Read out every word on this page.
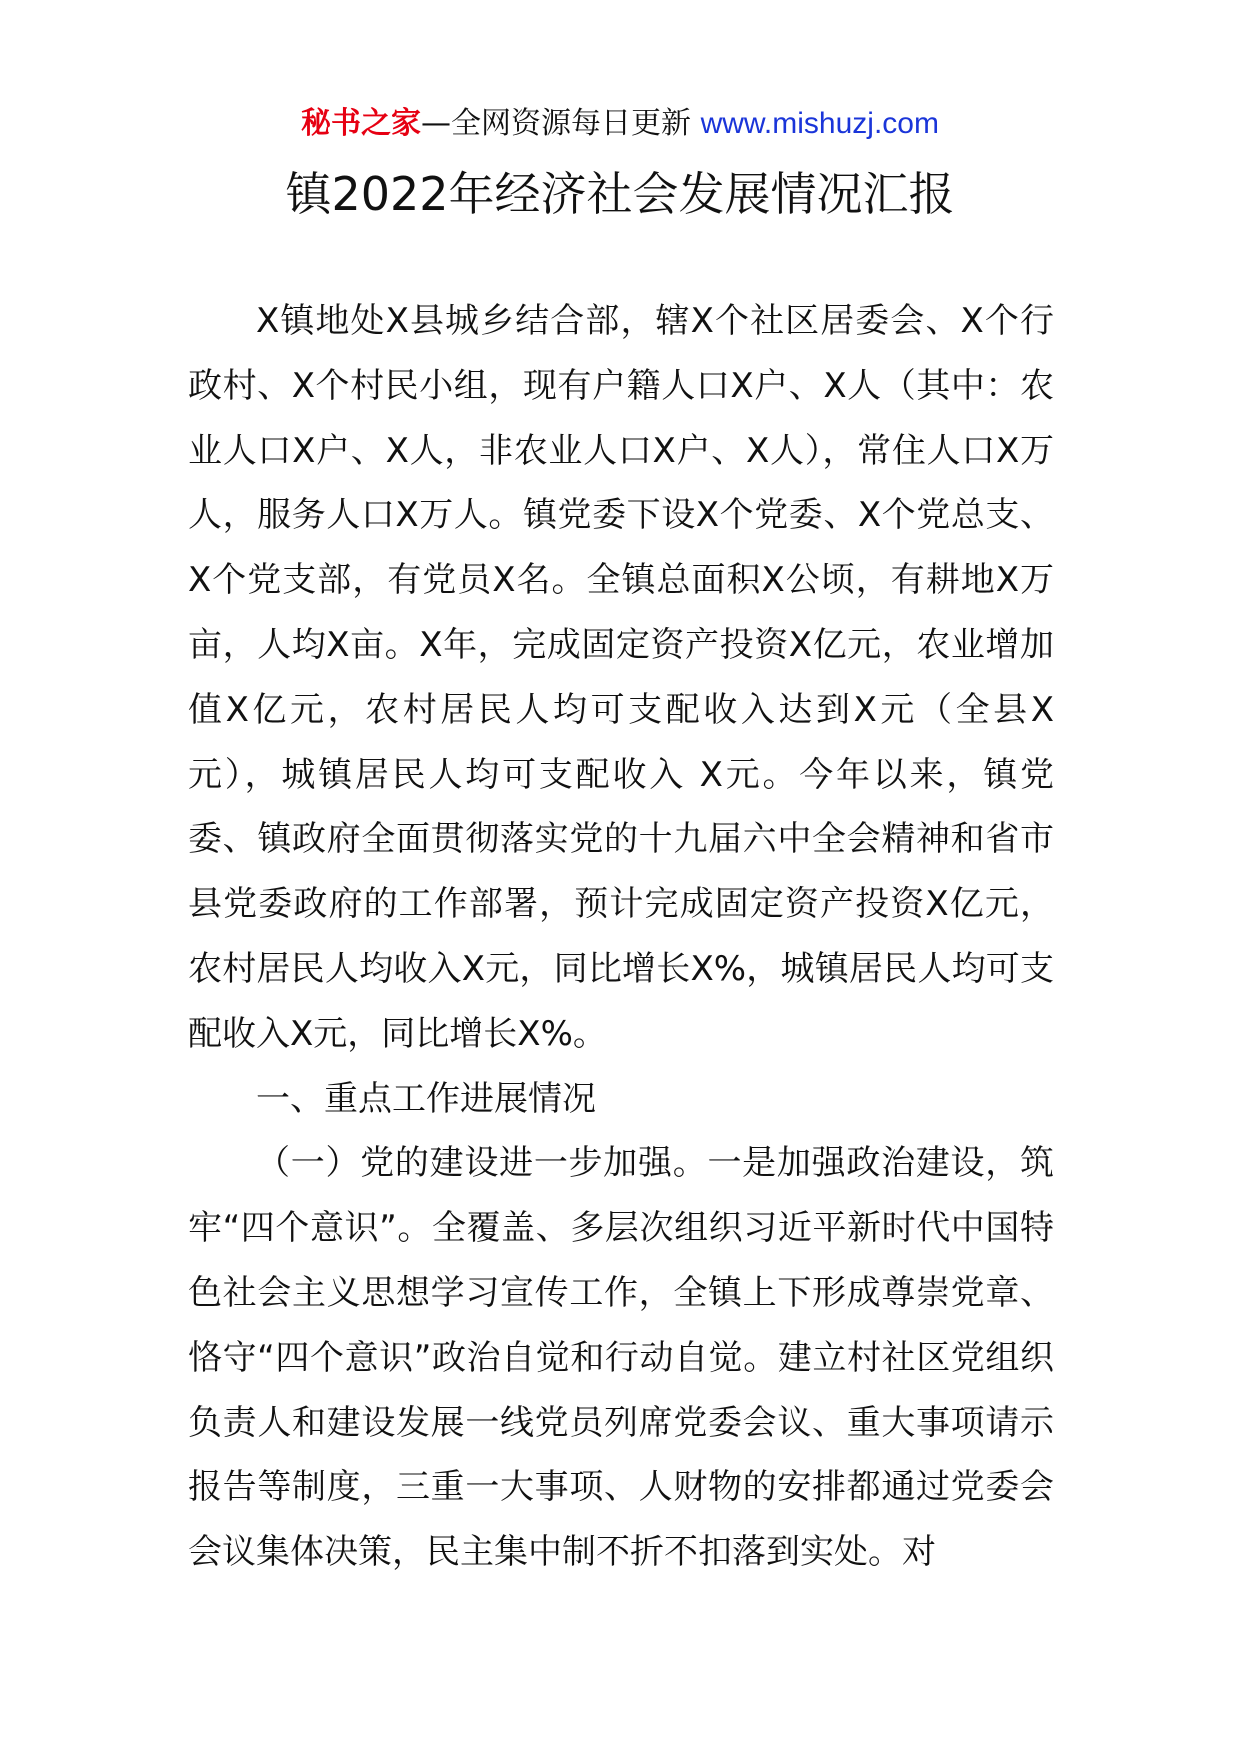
秘书之家—全网资源每日更新 www.mishuzj.com
镇2022年经济社会发展情况汇报

X镇地处X县城乡结合部，辖X个社区居委会、X个行政村、X个村民小组，现有户籍人口X户、X人（其中：农业人口X户、X人，非农业人口X户、X人），常住人口X万人，服务人口X万人。镇党委下设X个党委、X个党总支、X个党支部，有党员X名。全镇总面积X公顷，有耕地X万亩，人均X亩。X年，完成固定资产投资X亿元，农业增加值X亿元，农村居民人均可支配收入达到X元（全县X元），城镇居民人均可支配收入 X元。今年以来，镇党委、镇政府全面贯彻落实党的十九届六中全会精神和省市县党委政府的工作部署，预计完成固定资产投资X亿元，农村居民人均收入X元，同比增长X%，城镇居民人均可支配收入X元，同比增长X%。

一、重点工作进展情况

（一）党的建设进一步加强。一是加强政治建设，筑牢“四个意识”。全覆盖、多层次组织习近平新时代中国特色社会主义思想学习宣传工作，全镇上下形成尊崇党章、恪守“四个意识”政治自觉和行动自觉。建立村社区党组织负责人和建设发展一线党员列席党委会议、重大事项请示报告等制度，三重一大事项、人财物的安排都通过党委会会议集体决策，民主集中制不折不扣落到实处。对
